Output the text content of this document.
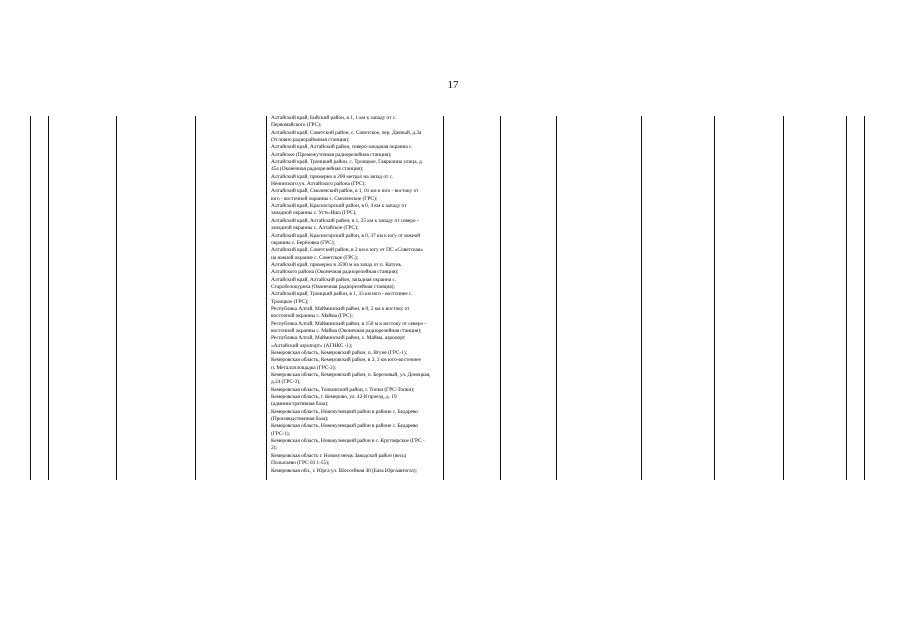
17
Алтайский край, Бийский район, в 1, 1 км к западу от с.
Первомайского (ГРС);
Алтайский край, Советский район, с. Советское, пер. Дачный, д.3а
(Условно радиорайонная станция);
Алтайский край, Алтайский район, северо-западная окраина с.
Алтайское (Промежуточная радиорелейная станция);
Алтайский край, Троицкий район, с. Троицкое, Гаврилина улица, д.
45а (Оконечная радиорелейная станция);
Алтайский край, примерно в 200 метрах на запад от с.
Ненинского,уч. Алтайского района (ГРС);
Алтайский край, Смоленский район, в 1, 01 км к юго - востоку от
юго - восточной окраины с. Смоленское (ГРС);
Алтайский край, Красногорский район, в 0, 4 км к западу от
западной окраины с. Усть-Иша (ГРС);
Алтайский край, Алтайский район, в 1, 25 км к западу от северо -
западной окраины с. Алтайское (ГРС);
Алтайский край, Красногорский район, в 0, 37 км к югу от южной
окраины с. Берёзовка (ГРС);
Алтайский край, Советский район, в 2 км к югу от ПС «Советская»
на южной окраине с. Советское (ГРС);
Алтайский край, примерно в 3590 м на запад от п. Катунь
Алтайского района (Оконечная радиорелейная станция);
Алтайский край, Алтайский район, западная окраина с.
Старобелокуриха (Оконечная радиорелейная станция);
Алтайский край, Троицкий район, в 1, 33 км юго - восточнее с.
Троицкое (ГРС);
Республика Алтай, Майминский район, в 0, 2 км к востоку от
восточной окраины с. Майма (ГРС);
Республика Алтай, Майминский район, в 150 м к востоку от северо -
восточной окраины с. Майма (Оконечная радиорелейная станция);
Республика Алтай, Майминский район, с. Майма, аэропорт
«Алтайский аэропорт» (АГНКС -1);
Кемеровская область, Кемеровский район, п. Ягуне (ГРС-1);
Кемеровская область, Кемеровский район, в 2, 3 км юго-восточнее
п. Металлплощадка (ГРС-2);
Кемеровская область, Кемеровский район, п. Березовый, ул. Донецкая,
д.24 (ГРС-3);
Кемеровская область, Топкинский район, г. Топки (ГРС-Топки);
Кемеровская область, г. Кемерово, ул. 42-й проезд, д. 19
(административная база);
Кемеровская область, Новокузнецкий район в районе с. Бедарево
(Производственная база);
Кемеровская область, Новокузнецкий район в районе с. Бедарево
(ГРС-1);
Кемеровская область, Новокузнецкий район в с. Крутоярское (ГРС -
2);
Кемеровская область г. Новокузнецк Заводской район (весь)
Полысаево (ГРС 03 1-55);
Кемеровская обл., г. Юрга ул. Шоссейная 40 (База Юргаавтогаз);
